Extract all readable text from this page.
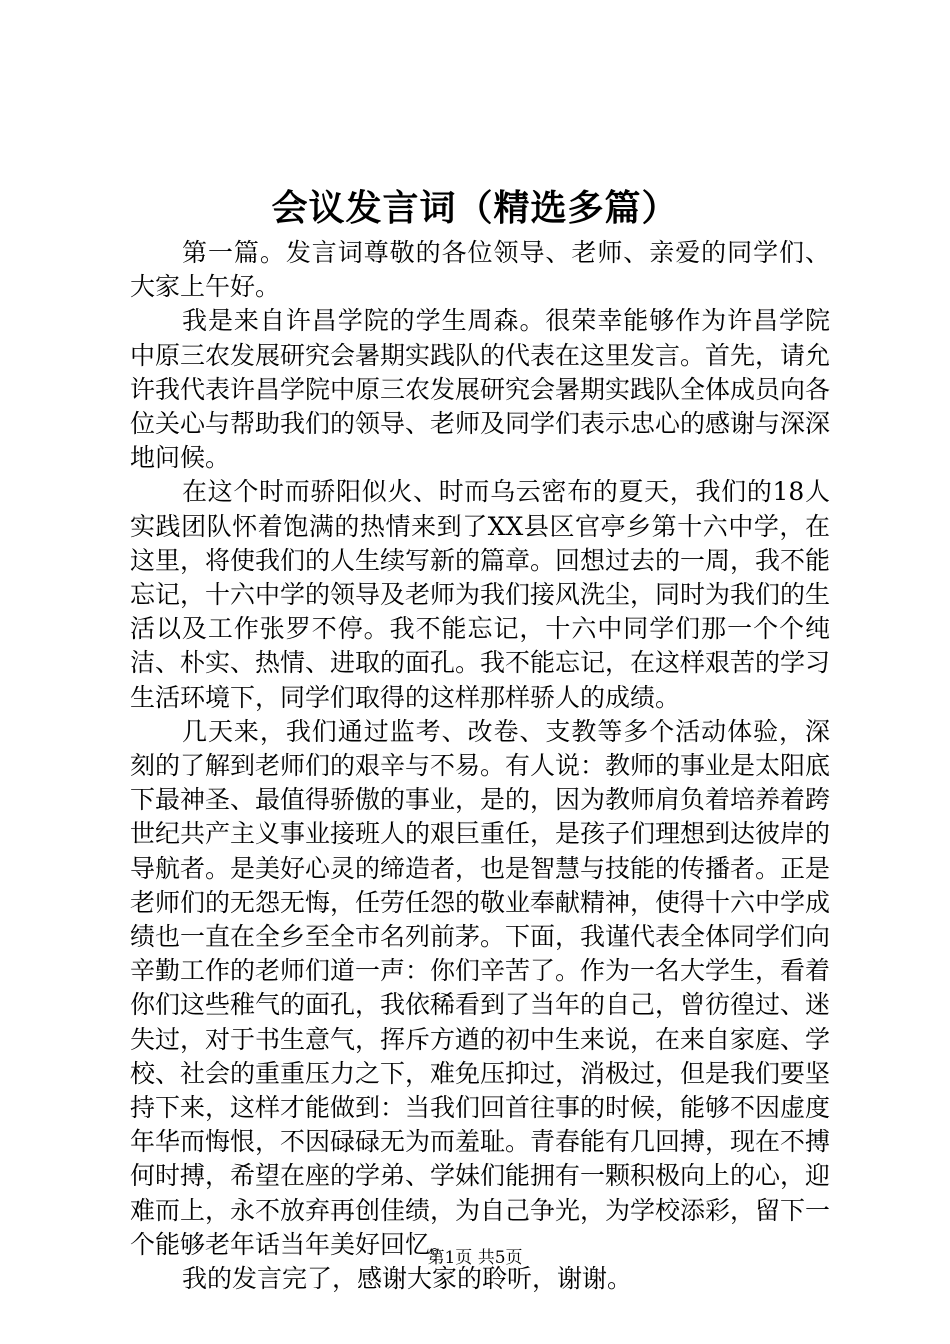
会议发言词（精选多篇）

第一篇。发言词尊敬的各位领导、老师、亲爱的同学们、大家上午好。

我是来自许昌学院的学生周森。很荣幸能够作为许昌学院中原三农发展研究会暑期实践队的代表在这里发言。首先，请允许我代表许昌学院中原三农发展研究会暑期实践队全体成员向各位关心与帮助我们的领导、老师及同学们表示忠心的感谢与深深地问候。

在这个时而骄阳似火、时而乌云密布的夏天，我们的18人实践团队怀着饱满的热情来到了XX县区官亭乡第十六中学，在这里，将使我们的人生续写新的篇章。回想过去的一周，我不能忘记，十六中学的领导及老师为我们接风洗尘，同时为我们的生活以及工作张罗不停。我不能忘记，十六中同学们那一个个纯洁、朴实、热情、进取的面孔。我不能忘记，在这样艰苦的学习生活环境下，同学们取得的这样那样骄人的成绩。

几天来，我们通过监考、改卷、支教等多个活动体验，深刻的了解到老师们的艰辛与不易。有人说：教师的事业是太阳底下最神圣、最值得骄傲的事业，是的，因为教师肩负着培养着跨世纪共产主义事业接班人的艰巨重任，是孩子们理想到达彼岸的导航者。是美好心灵的缔造者，也是智慧与技能的传播者。正是老师们的无怨无悔，任劳任怨的敬业奉献精神，使得十六中学成绩也一直在全乡至全市名列前茅。下面，我谨代表全体同学们向辛勤工作的老师们道一声：你们辛苦了。作为一名大学生，看着你们这些稚气的面孔，我依稀看到了当年的自己，曾彷徨过、迷失过，对于书生意气，挥斥方遒的初中生来说，在来自家庭、学校、社会的重重压力之下，难免压抑过，消极过，但是我们要坚持下来，这样才能做到：当我们回首往事的时候，能够不因虚度年华而悔恨，不因碌碌无为而羞耻。青春能有几回搏，现在不搏何时搏，希望在座的学弟、学妹们能拥有一颗积极向上的心，迎难而上，永不放弃再创佳绩，为自己争光，为学校添彩，留下一个能够老年话当年美好回忆。

我的发言完了，感谢大家的聆听，谢谢。

第1页 共5页
